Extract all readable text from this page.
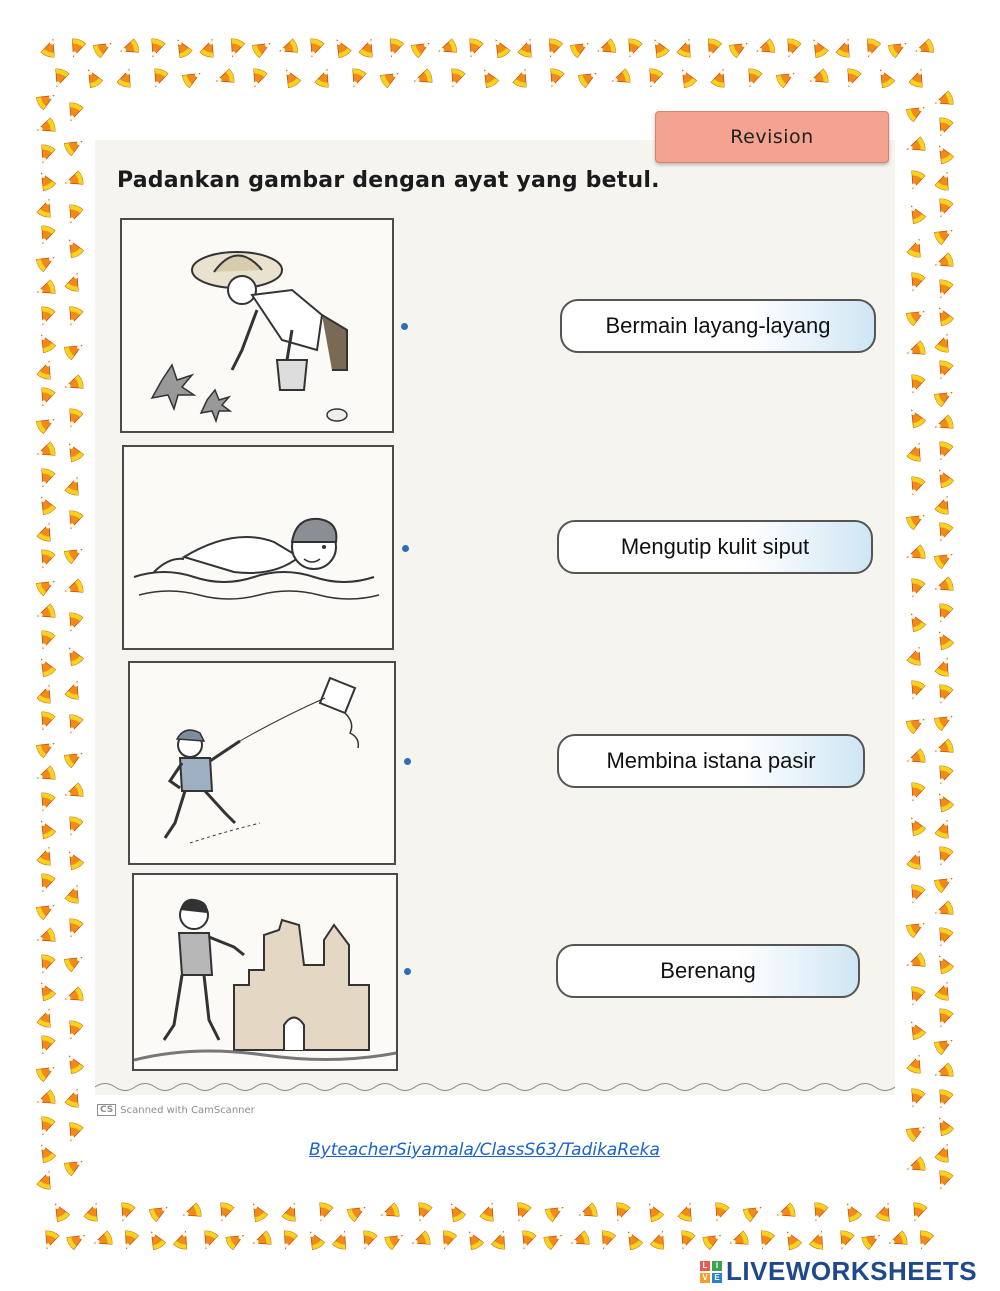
Revision
Padankan gambar dengan ayat yang betul.
Bermain layang-layang
Mengutip kulit siput
Membina istana pasir
Berenang
CS Scanned with CamScanner
ByteacherSiyamala/ClassS63/TadikaReka
L	I
V E LIVEWORKSHEETS
